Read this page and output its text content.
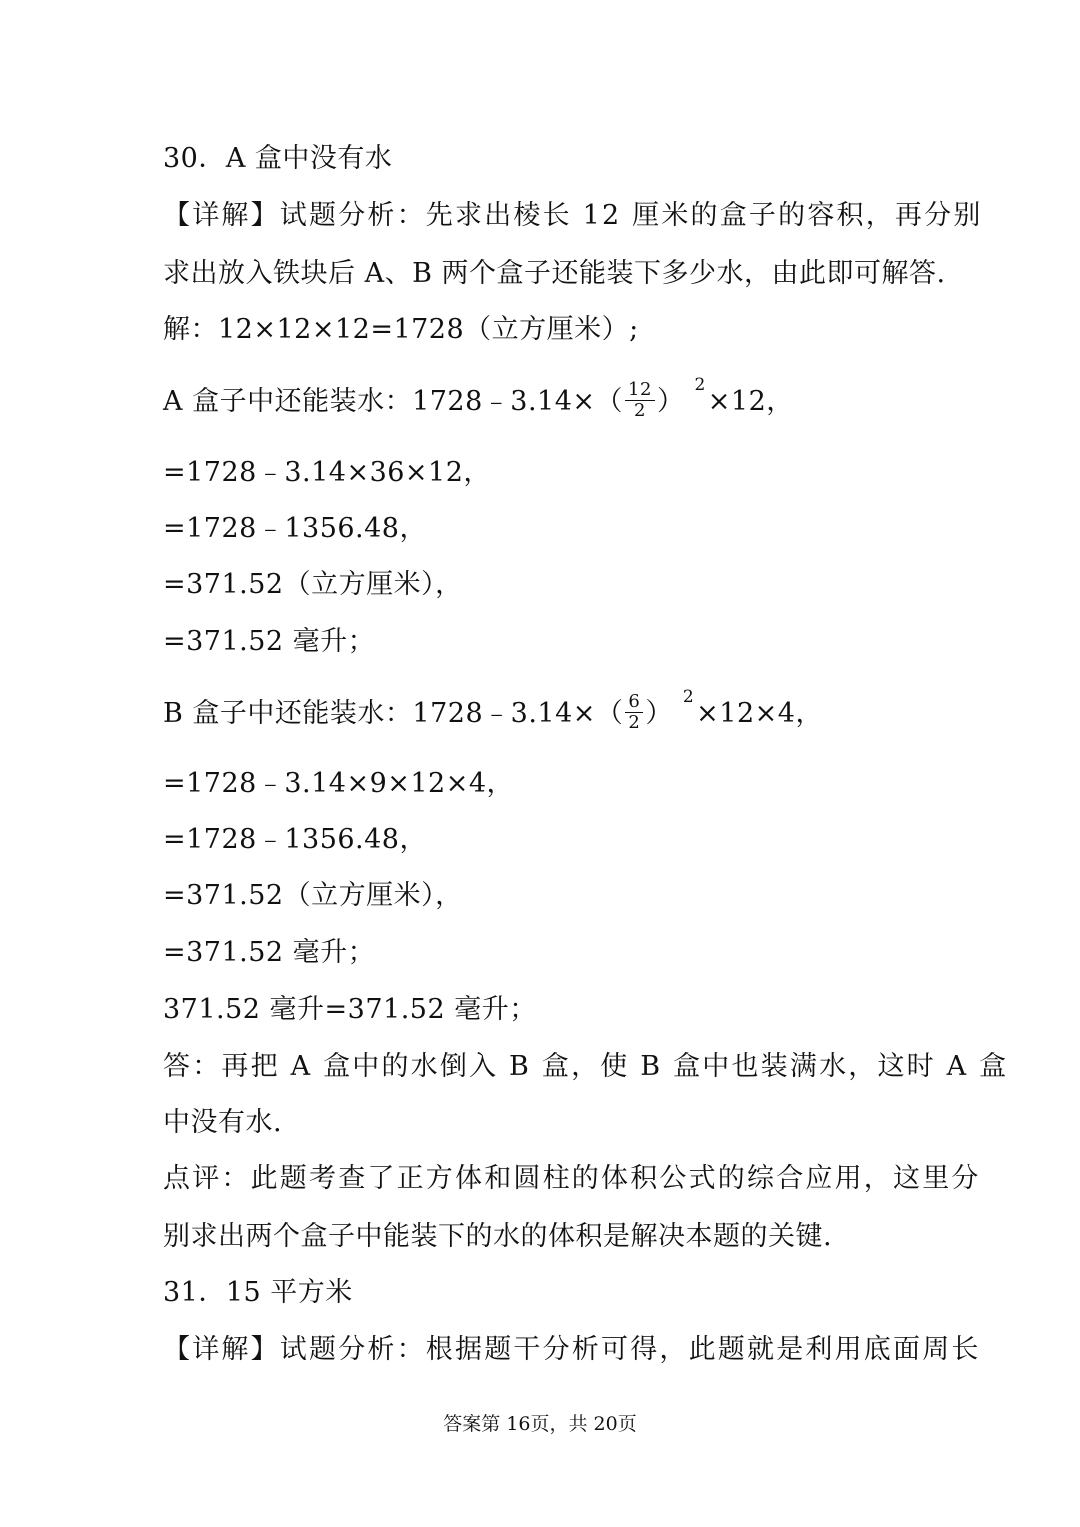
30．A 盒中没有水
【详解】试题分析：先求出棱长 12 厘米的盒子的容积，再分别
求出放入铁块后 A、B 两个盒子还能装下多少水，由此即可解答.
解：12×12×12=1728（立方厘米）;
A 盒子中还能装水：1728﹣3.14×（ $\frac{12}{2} )^2\times 12$，
=1728﹣3.14×36×12，
=1728﹣1356.48，
=371.52（立方厘米），
=371.52 毫升；
B 盒子中还能装水：1728﹣3.14×（ $\frac{6}{2} )^2\times 12\times 4$，
=1728﹣3.14×9×12×4，
=1728﹣1356.48，
=371.52（立方厘米），
=371.52 毫升；
371.52 毫升=371.52 毫升；
答：再把 A 盒中的水倒入 B 盒，使 B 盒中也装满水，这时 A 盒
中没有水.
点评：此题考查了正方体和圆柱的体积公式的综合应用，这里分
别求出两个盒子中能装下的水的体积是解决本题的关键.
31．15 平方米
【详解】试题分析：根据题干分析可得，此题就是利用底面周长
答案第 16页，共 20页
